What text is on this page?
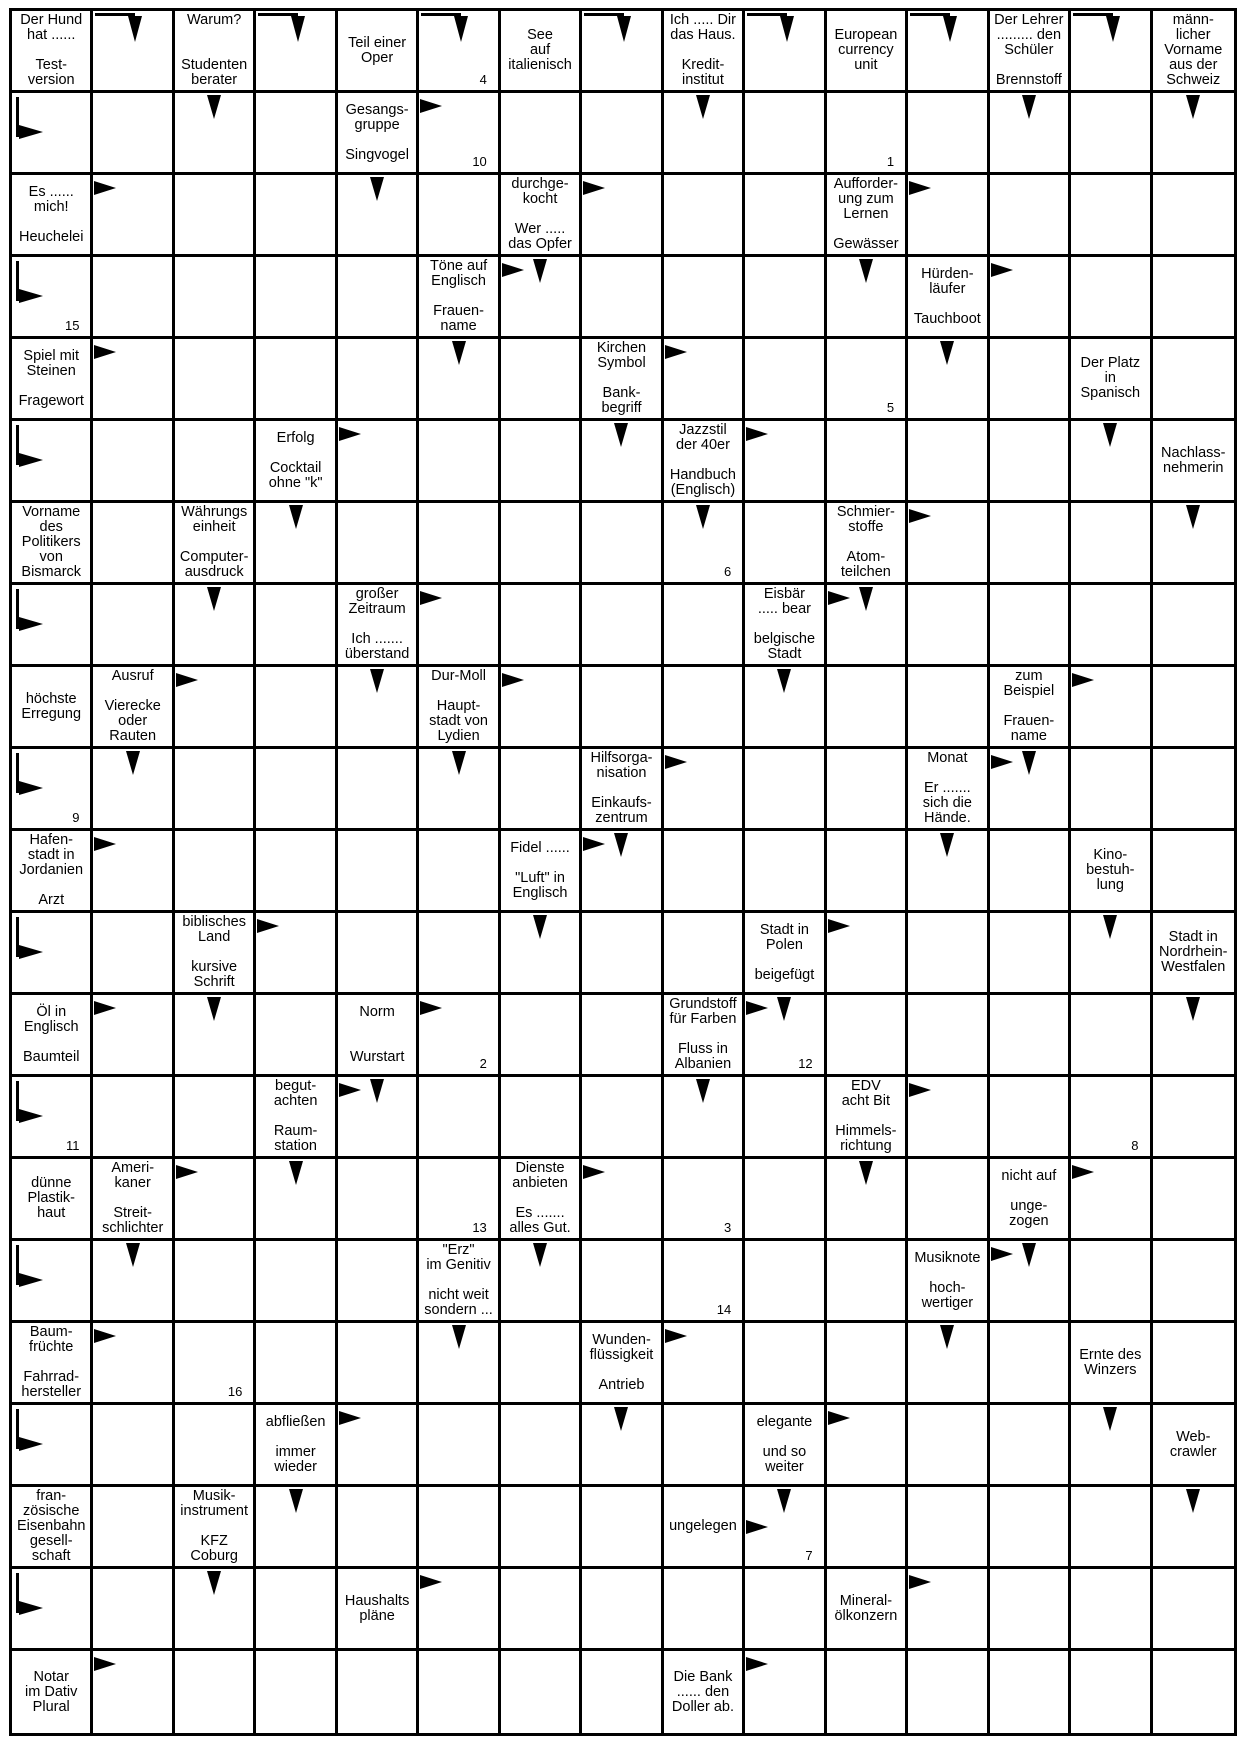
Der Hund
hat ......

Test-
version
Warum?

Studenten
berater
Teil einer
Oper
4
See
auf
italienisch
Ich ..... Dir
das Haus.

Kredit-
institut
European
currency
unit
Der Lehrer
......... den
Schüler

Brennstoff
männ-
licher
Vorname
aus der
Schweiz
Gesangs-
gruppe

Singvogel	10	1
Es ......
mich!

Heuchelei
durchge-
kocht

Wer .....
das Opfer
Aufforder-
ung zum
Lernen

Gewässer
15
Töne auf
Englisch

Frauen-
name
Hürden-
läufer

Tauchboot
Spiel mit
Steinen

Fragewort
Kirchen
Symbol

Bank-
begriff	5
Der Platz
in
Spanisch
Erfolg

Cocktail
ohne "k"
Jazzstil
der 40er

Handbuch
(Englisch)
Nachlass-
nehmerin
Vorname
des
Politikers
von
Bismarck
Währungs
einheit

Computer-
ausdruck	6
Schmier-
stoffe

Atom-
teilchen
großer
Zeitraum

Ich .......
überstand
Eisbär
..... bear

belgische
Stadt
höchste
Erregung
Ausruf

Vierecke
oder
Rauten
Dur-Moll

Haupt-
stadt von
Lydien
zum
Beispiel

Frauen-
name
9
Hilfsorga-
nisation

Einkaufs-
zentrum
Monat

Er .......
sich die
Hände.
Hafen-
stadt in
Jordanien

Arzt
Fidel ......

"Luft" in
Englisch
Kino-
bestuh-
lung
biblisches
Land

kursive
Schrift
Stadt in
Polen

beigefügt
Stadt in
Nordrhein-
Westfalen
Öl in
Englisch

Baumteil
Norm

Wurstart	2
Grundstoff
für Farben

Fluss in
Albanien	12
11
begut-
achten

Raum-
station
EDV
acht Bit

Himmels-
richtung	8
dünne
Plastik-
haut
Ameri-
kaner

Streit-
schlichter	13
Dienste
anbieten

Es .......
alles Gut.	3
nicht auf

unge-
zogen
"Erz"
im Genitiv

nicht weit
sondern ...	14
Musiknote

hoch-
wertiger
Baum-
früchte

Fahrrad-
hersteller	16
Wunden-
flüssigkeit

Antrieb
Ernte des
Winzers
abfließen

immer
wieder
elegante

und so
weiter
Web-
crawler
fran-
zösische
Eisenbahn
gesell-
schaft
Musik-
instrument

KFZ
Coburg
ungelegen
7
Haushalts
pläne
Mineral-
ölkonzern
Notar
im Dativ
Plural
Die Bank
...... den
Doller ab.
